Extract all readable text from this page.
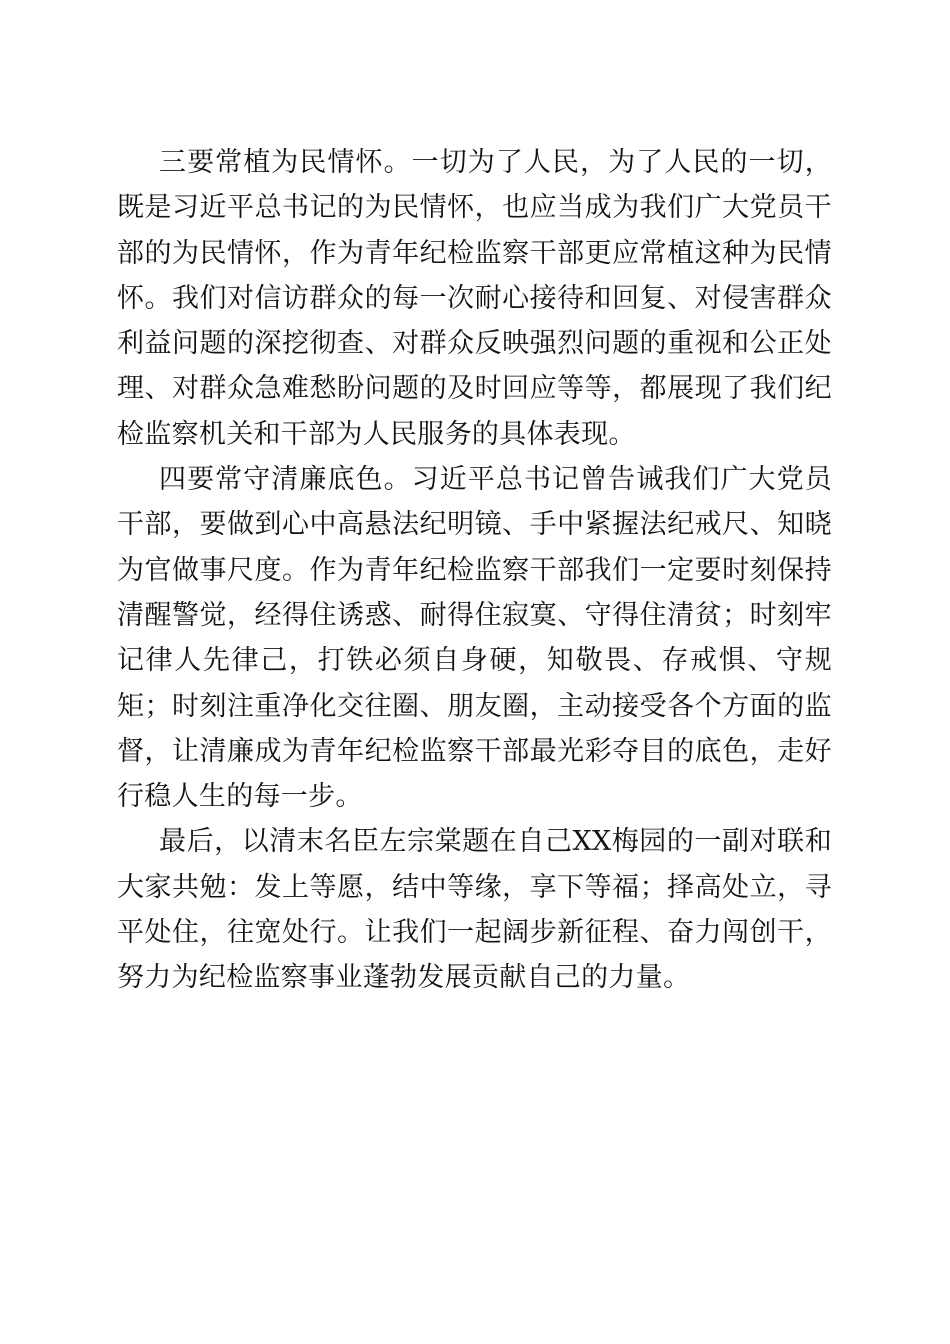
三要常植为民情怀。一切为了人民，为了人民的一切，既是习近平总书记的为民情怀，也应当成为我们广大党员干部的为民情怀，作为青年纪检监察干部更应常植这种为民情怀。我们对信访群众的每一次耐心接待和回复、对侵害群众利益问题的深挖彻查、对群众反映强烈问题的重视和公正处理、对群众急难愁盼问题的及时回应等等，都展现了我们纪检监察机关和干部为人民服务的具体表现。

四要常守清廉底色。习近平总书记曾告诫我们广大党员干部，要做到心中高悬法纪明镜、手中紧握法纪戒尺、知晓为官做事尺度。作为青年纪检监察干部我们一定要时刻保持清醒警觉，经得住诱惑、耐得住寂寞、守得住清贫；时刻牢记律人先律己，打铁必须自身硬，知敬畏、存戒惧、守规矩；时刻注重净化交往圈、朋友圈，主动接受各个方面的监督，让清廉成为青年纪检监察干部最光彩夺目的底色，走好行稳人生的每一步。

最后，以清末名臣左宗棠题在自己XX梅园的一副对联和大家共勉：发上等愿，结中等缘，享下等福；择高处立，寻平处住，往宽处行。让我们一起阔步新征程、奋力闯创干，努力为纪检监察事业蓬勃发展贡献自己的力量。
